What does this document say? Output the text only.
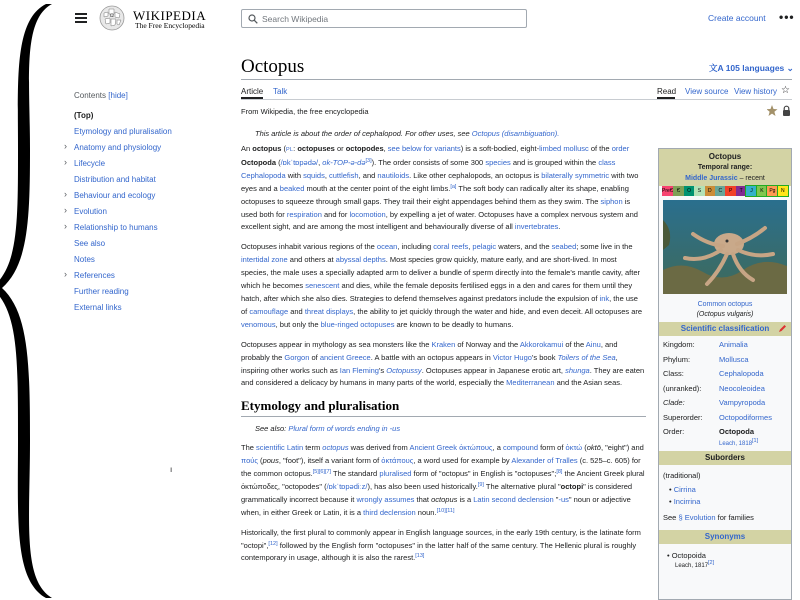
Ω WIKIPEDIA
The Free Encyclopedia
Search Wikipedia
Create account •••
Contents [hide]
(Top)
Etymology and pluralisation
› Anatomy and physiology
› Lifecycle
Distribution and habitat
› Behaviour and ecology
› Evolution
› Relationship to humans
See also
Notes
› References
Further reading
External links
Octopus	文A 105 languages ⌄
Article Talk	Read View source View history ☆
From Wikipedia, the free encyclopedia
This article is about the order of cephalopod. For other uses, see Octopus (disambiguation).

An octopus (PL: octopuses or octopodes, see below for variants) is a soft-bodied, eight-limbed mollusc of the order Octopoda (/ɒkˈtɒpədə/, ok-TOP-ə-də[3]). The order consists of some 300 species and is grouped within the class Cephalopoda with squids, cuttlefish, and nautiloids. Like other cephalopods, an octopus is bilaterally symmetric with two eyes and a beaked mouth at the center point of the eight limbs.[a] The soft body can radically alter its shape, enabling octopuses to squeeze through small gaps. They trail their eight appendages behind them as they swim. The siphon is used both for respiration and for locomotion, by expelling a jet of water. Octopuses have a complex nervous system and excellent sight, and are among the most intelligent and behaviourally diverse of all invertebrates.

Octopuses inhabit various regions of the ocean, including coral reefs, pelagic waters, and the seabed; some live in the intertidal zone and others at abyssal depths. Most species grow quickly, mature early, and are short-lived. In most species, the male uses a specially adapted arm to deliver a bundle of sperm directly into the female's mantle cavity, after which he becomes senescent and dies, while the female deposits fertilised eggs in a den and cares for them until they hatch, after which she also dies. Strategies to defend themselves against predators include the expulsion of ink, the use of camouflage and threat displays, the ability to jet quickly through the water and hide, and even deceit. All octopuses are venomous, but only the blue-ringed octopuses are known to be deadly to humans.

Octopuses appear in mythology as sea monsters like the Kraken of Norway and the Akkorokamui of the Ainu, and probably the Gorgon of ancient Greece. A battle with an octopus appears in Victor Hugo's book Toilers of the Sea, inspiring other works such as Ian Fleming's Octopussy. Octopuses appear in Japanese erotic art, shunga. They are eaten and considered a delicacy by humans in many parts of the world, especially the Mediterranean and the Asian seas.

Etymology and pluralisation
See also: Plural form of words ending in -us

The scientific Latin term octopus was derived from Ancient Greek ὀκτώπους, a compound form of ὀκτώ (oktō, "eight") and πούς (pous, "foot"), itself a variant form of ὀκτάπους, a word used for example by Alexander of Tralles (c. 525–c. 605) for the common octopus.[5][6][7] The standard pluralised form of "octopus" in English is "octopuses";[8] the Ancient Greek plural ὀκτώποδες, "octopodes" (/ɒkˈtɒpədiːz/), has also been used historically.[9] The alternative plural "octopi" is considered grammatically incorrect because it wrongly assumes that octopus is a Latin second declension "-us" noun or adjective when, in either Greek or Latin, it is a third declension noun.[10][11]

Historically, the first plural to commonly appear in English language sources, in the early 19th century, is the latinate form "octopi",[12] followed by the English form "octopuses" in the latter half of the same century. The Hellenic plural is roughly contemporary in usage, although it is also the rarest.[13]

Octopus
Temporal range:
Middle Jurassic – recent
PreЄ Є	O	S	D	C	P	T	J	K	Pg	N
Common octopus
(Octopus vulgaris)
Scientific classification
Kingdom:	Animalia
Phylum:	Mollusca
Class:	Cephalopoda
(unranked):	Neocoleoidea
Clade:	Vampyropoda
Superorder:	Octopodiformes
Order:	Octopoda
Leach, 1818[1]
Suborders
(traditional)
• Cirrina
• Incirrina
See § Evolution for families
Synonyms
• Octopoida
Leach, 1817[2]
ı
